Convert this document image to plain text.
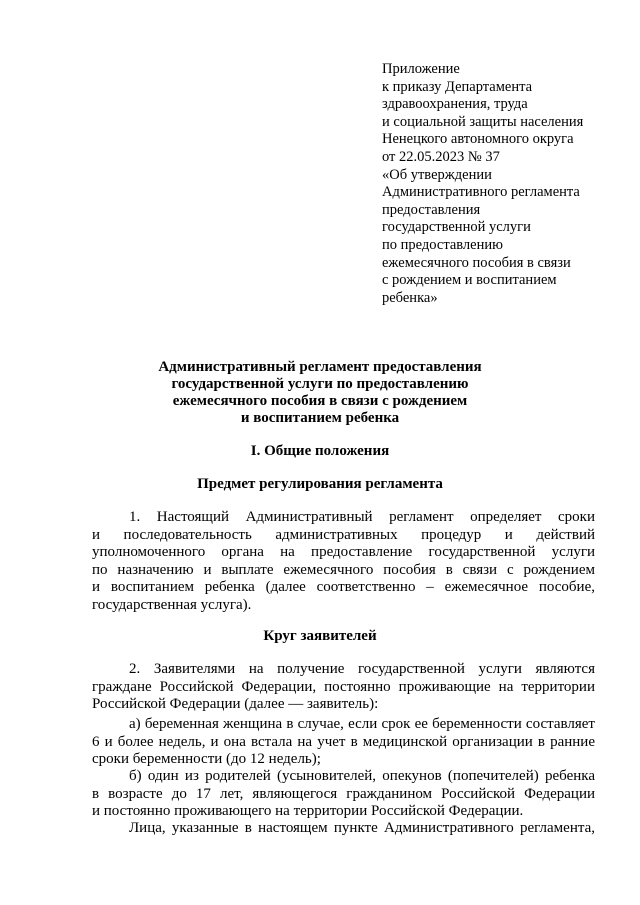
Приложение
к приказу Департамента
здравоохранения, труда
и социальной защиты населения
Ненецкого автономного округа
от 22.05.2023 № 37
«Об утверждении
Административного регламента
предоставления
государственной услуги
по предоставлению
ежемесячного пособия в связи
с рождением и воспитанием
ребенка»
Административный регламент предоставления
государственной услуги по предоставлению
ежемесячного пособия в связи с рождением
и воспитанием ребенка
I. Общие положения
Предмет регулирования регламента
1. Настоящий Административный регламент определяет сроки
и последовательность административных процедур и действий
уполномоченного органа на предоставление государственной услуги
по назначению и выплате ежемесячного пособия в связи с рождением
и воспитанием ребенка (далее соответственно – ежемесячное пособие,
государственная услуга).
Круг заявителей
2. Заявителями на получение государственной услуги являются
граждане Российской Федерации, постоянно проживающие на территории
Российской Федерации (далее — заявитель):
а) беременная женщина в случае, если срок ее беременности составляет
6 и более недель, и она встала на учет в медицинской организации в ранние
сроки беременности (до 12 недель);
б) один из родителей (усыновителей, опекунов (попечителей) ребенка
в возрасте до 17 лет, являющегося гражданином Российской Федерации
и постоянно проживающего на территории Российской Федерации.
Лица, указанные в настоящем пункте Административного регламента,
